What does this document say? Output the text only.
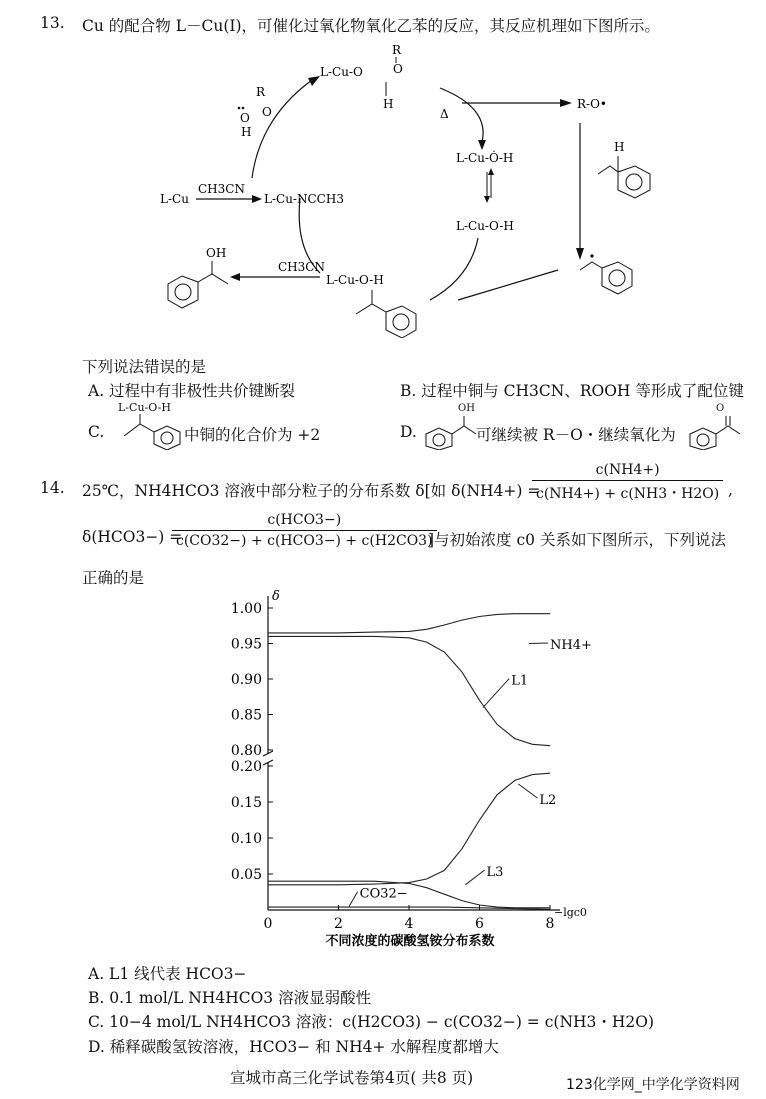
13. Cu 的配合物 L－Cu(Ⅰ)，可催化过氧化物氧化乙苯的反应，其反应机理如下图所示。
L-Cu-O
R
O
H
R
O
O
H
Δ
R-O•
H
L-Cu-Ȯ-H
L-Cu-O-H
L-Cu
CH3CN
L-Cu-NCCH3
L-Cu-O-H
CH3CN
OH
下列说法错误的是
A. 过程中有非极性共价键断裂	B. 过程中铜与 CH3CN、ROOH 等形成了配位键
C.
L-Cu-O-H
中铜的化合价为 +2	D.
OH
可继续被 R－O・继续氧化为
O
14. 25℃，NH4HCO3 溶液中部分粒子的分布系数 δ[如 δ(NH4+) =
$\frac{c(NH4+)}{c(NH4+) + c(NH3・H2O)}$ ,
δ(HCO3−) =
c(HCO3−)
c(CO32−) + c(HCO3−) + c(H2CO3)
]与初始浓度 c0 关系如下图所示，下列说法
正确的是
δ
−lgc0
1.00
0.95
0.90
0.85
0.80
0.20
0.15
0.10
0.05
0	2	4	6	8
NH4+
L1
L2
L3
CO32−
不同浓度的碳酸氢铵分布系数
A. L1 线代表 HCO3−
B. 0.1 mol/L NH4HCO3 溶液显弱酸性
C. 10−4 mol/L NH4HCO3 溶液：c(H2CO3) − c(CO32−) = c(NH3・H2O)
D. 稀释碳酸氢铵溶液，HCO3− 和 NH4+ 水解程度都增大
宣城市高三化学试卷第4页( 共8 页)	123化学网_中学化学资料网
